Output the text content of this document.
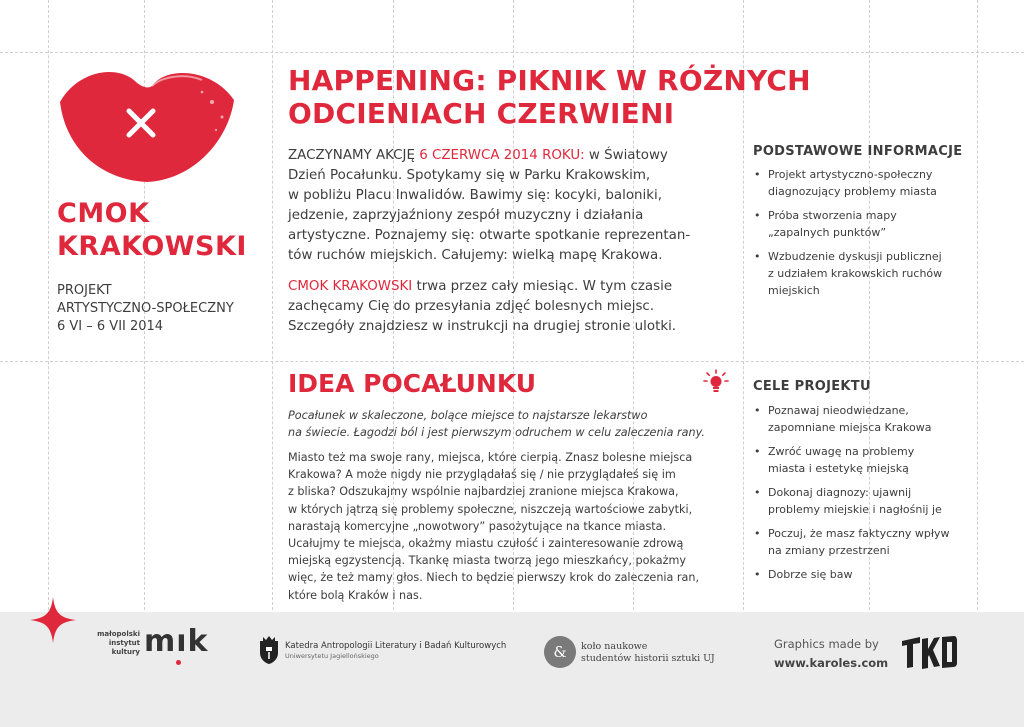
CMOK
KRAKOWSKI
PROJEKT
ARTYSTYCZNO-SPOŁECZNY
6 VI – 6 VII 2014
HAPPENING: PIKNIK W RÓŻNYCH
ODCIENIACH CZERWIENI
ZACZYNAMY AKCJĘ 6 CZERWCA 2014 ROKU: w Światowy
Dzień Pocałunku. Spotykamy się w Parku Krakowskim,
w pobliżu Placu Inwalidów. Bawimy się: kocyki, baloniki,
jedzenie, zaprzyjaźniony zespół muzyczny i działania
artystyczne. Poznajemy się: otwarte spotkanie reprezentan-
tów ruchów miejskich. Całujemy: wielką mapę Krakowa.
CMOK KRAKOWSKI trwa przez cały miesiąc. W tym czasie
zachęcamy Cię do przesyłania zdjęć bolesnych miejsc.
Szczegóły znajdziesz w instrukcji na drugiej stronie ulotki.
IDEA POCAŁUNKU
Pocałunek w skaleczone, bolące miejsce to najstarsze lekarstwo
na świecie. Łagodzi ból i jest pierwszym odruchem w celu zaleczenia rany.
Miasto też ma swoje rany, miejsca, które cierpią. Znasz bolesne miejsca
Krakowa? A może nigdy nie przyglądałaś się / nie przyglądałeś się im
z bliska? Odszukajmy wspólnie najbardziej zranione miejsca Krakowa,
w których jątrzą się problemy społeczne, niszczeją wartościowe zabytki,
narastają komercyjne „nowotwory” pasożytujące na tkance miasta.
Ucałujmy te miejsca, okażmy miastu czułość i zainteresowanie zdrową
miejską egzystencją. Tkankę miasta tworzą jego mieszkańcy, pokażmy
więc, że też mamy głos. Niech to będzie pierwszy krok do zaleczenia ran,
które bolą Kraków i nas.
PODSTAWOWE INFORMACJE
• Projekt artystyczno-społeczny
diagnozujący problemy miasta
• Próba stworzenia mapy
„zapalnych punktów”
• Wzbudzenie dyskusji publicznej
z udziałem krakowskich ruchów
miejskich
CELE PROJEKTU
• Poznawaj nieodwiedzane,
zapomniane miejsca Krakowa
• Zwróć uwagę na problemy
miasta i estetykę miejską
• Dokonaj diagnozy: ujawnij
problemy miejskie i nagłośnij je
• Poczuj, że masz faktyczny wpływ
na zmiany przestrzeni
• Dobrze się baw
małopolski
instytut
kultury mık	Katedra Antropologii Literatury i Badań Kulturowych
Uniwersytetu Jagiellońskiego	&	koło naukowe
studentów historii sztuki UJ
Graphics made by
www.karoles.com
